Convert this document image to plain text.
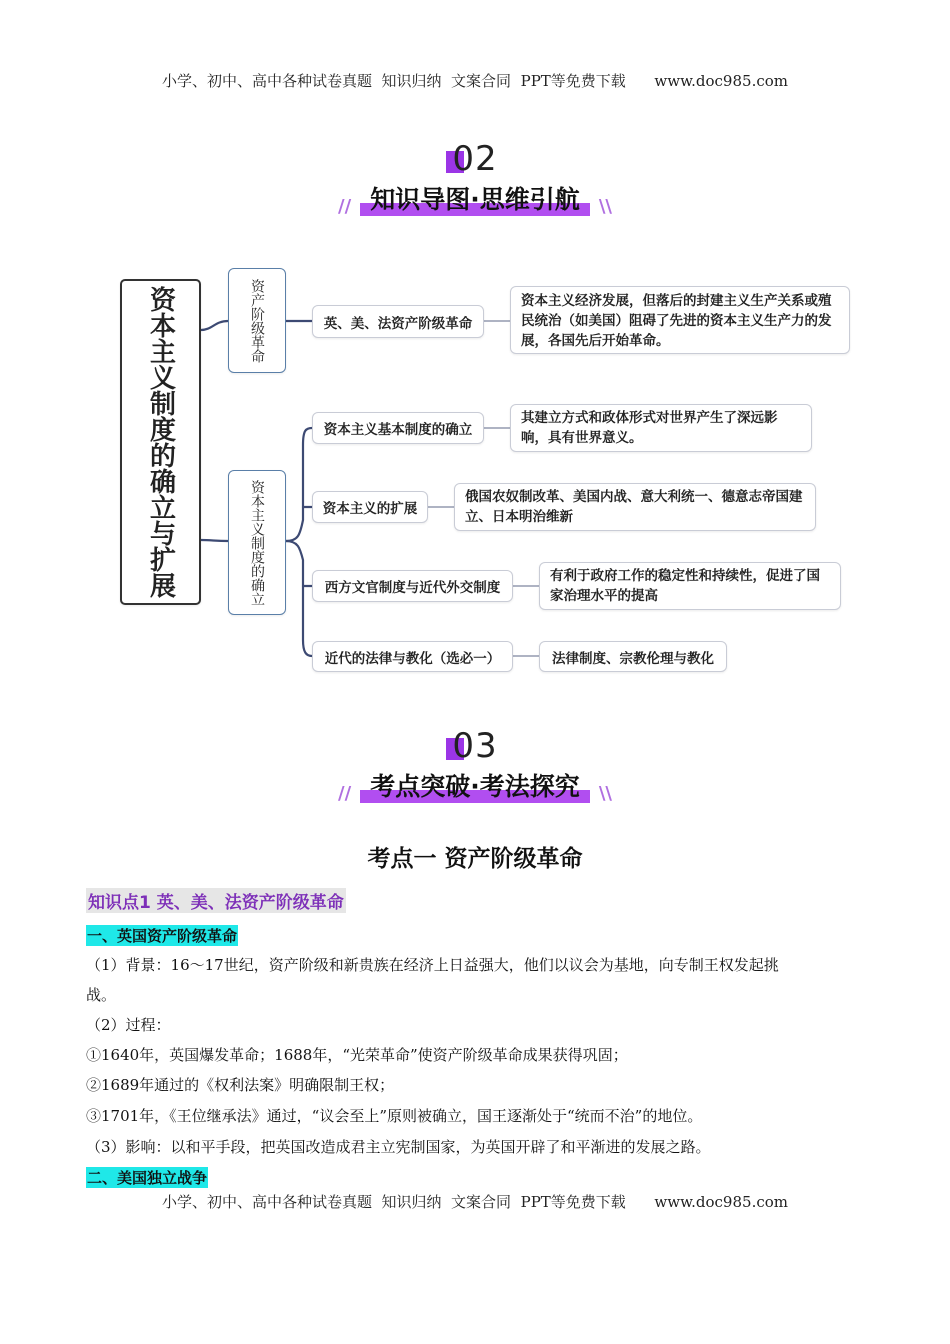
小学、初中、高中各种试卷真题  知识归纳  文案合同  PPT等免费下载      www.doc985.com
02
// 知识导图·思维引航 \\
资本主义制度的确立与扩展	资产阶级革命
资本主义制度的确立
英、美、法资产阶级革命
资本主义经济发展，但落后的封建主义生产关系或殖民统治（如美国）阻碍了先进的资本主义生产力的发展，各国先后开始革命。
资本主义基本制度的确立
其建立方式和政体形式对世界产生了深远影响，具有世界意义。
资本主义的扩展
俄国农奴制改革、美国内战、意大利统一、德意志帝国建立、日本明治维新
西方文官制度与近代外交制度
有利于政府工作的稳定性和持续性，促进了国家治理水平的提高
近代的法律与教化（选必一）	法律制度、宗教伦理与教化
03
// 考点突破·考法探究 \\
考点一 资产阶级革命
知识点1 英、美、法资产阶级革命
一、英国资产阶级革命
（1）背景：16～17世纪，资产阶级和新贵族在经济上日益强大，他们以议会为基地，向专制王权发起挑
战。
（2）过程：
①1640年，英国爆发革命；1688年，“光荣革命”使资产阶级革命成果获得巩固；
②1689年通过的《权利法案》明确限制王权；
③1701年，《王位继承法》通过，“议会至上”原则被确立，国王逐渐处于“统而不治”的地位。
（3）影响：以和平手段，把英国改造成君主立宪制国家，为英国开辟了和平渐进的发展之路。
二、美国独立战争
小学、初中、高中各种试卷真题  知识归纳  文案合同  PPT等免费下载      www.doc985.com
